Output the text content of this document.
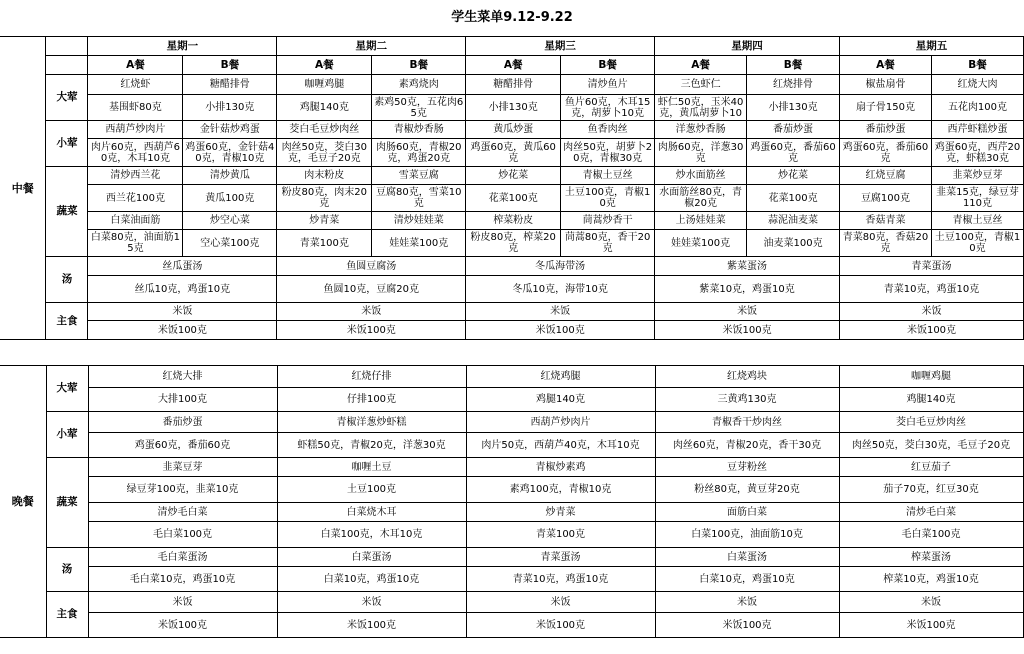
学生菜单9.12-9.22
中餐		星期一		星期二		星期三		星期四		星期五	
		A餐	B餐	A餐	B餐	A餐	B餐	A餐	B餐	A餐	B餐
	大荤	红烧虾	糖醋排骨	咖喱鸡腿	素鸡烧肉	糖醋排骨	清炒鱼片	三色虾仁	红烧排骨	椒盐扇骨	红烧大肉
		基围虾80克	小排130克	鸡腿140克	素鸡50克，五花肉65克	小排130克	鱼片60克，木耳15克，胡萝卜10克	虾仁50克，玉米40克，黄瓜胡萝卜10	小排130克	扇子骨150克	五花肉100克
	小荤	西葫芦炒肉片	金针菇炒鸡蛋	茭白毛豆炒肉丝	青椒炒香肠	黄瓜炒蛋	鱼香肉丝	洋葱炒香肠	番茄炒蛋	番茄炒蛋	西芹虾糕炒蛋
		肉片60克，西葫芦60克，木耳10克	鸡蛋60克，金针菇40克，青椒10克	肉丝50克，茭白30克，毛豆子20克	肉肠60克，青椒20克，鸡蛋20克	鸡蛋60克，黄瓜60克	肉丝50克，胡萝卜20克，青椒30克	肉肠60克，洋葱30克	鸡蛋60克，番茄60克	鸡蛋60克，番茄60克	鸡蛋60克，西芹20克，虾糕30克
	蔬菜	清炒西兰花	清炒黄瓜	肉末粉皮	雪菜豆腐	炒花菜	青椒土豆丝	炒水面筋丝	炒花菜	红烧豆腐	韭菜炒豆芽
		西兰花100克	黄瓜100克	粉皮80克，肉末20克	豆腐80克，雪菜10克	花菜100克	土豆100克，青椒10克	水面筋丝80克，青椒20克	花菜100克	豆腐100克	韭菜15克，绿豆芽110克
		白菜油面筋	炒空心菜	炒青菜	清炒娃娃菜	榨菜粉皮	茼蒿炒香干	上汤娃娃菜	蒜泥油麦菜	香菇青菜	青椒土豆丝
		白菜80克，油面筋15克	空心菜100克	青菜100克	娃娃菜100克	粉皮80克，榨菜20克	茼蒿80克，香干20克	娃娃菜100克	油麦菜100克	青菜80克，香菇20克	土豆100克，青椒10克
	汤	丝瓜蛋汤		鱼圆豆腐汤		冬瓜海带汤		紫菜蛋汤		青菜蛋汤	
		丝瓜10克，鸡蛋10克		鱼圆10克，豆腐20克		冬瓜10克，海带10克		紫菜10克，鸡蛋10克		青菜10克，鸡蛋10克	
	主食	米饭		米饭		米饭		米饭		米饭	
		米饭100克		米饭100克		米饭100克		米饭100克		米饭100克	
晚餐	大荤	红烧大排	红烧仔排	红烧鸡腿	红烧鸡块	咖喱鸡腿
		大排100克	仔排100克	鸡腿140克	三黄鸡130克	鸡腿140克
	小荤	番茄炒蛋	青椒洋葱炒虾糕	西葫芦炒肉片	青椒香干炒肉丝	茭白毛豆炒肉丝
		鸡蛋60克，番茄60克	虾糕50克，青椒20克，洋葱30克	肉片50克，西葫芦40克，木耳10克	肉丝60克，青椒20克，香干30克	肉丝50克，茭白30克，毛豆子20克
	蔬菜	韭菜豆芽	咖喱土豆	青椒炒素鸡	豆芽粉丝	红豆茄子
		绿豆芽100克，韭菜10克	土豆100克	素鸡100克，青椒10克	粉丝80克，黄豆芽20克	茄子70克，红豆30克
		清炒毛白菜	白菜烧木耳	炒青菜	面筋白菜	清炒毛白菜
		毛白菜100克	白菜100克，木耳10克	青菜100克	白菜100克，油面筋10克	毛白菜100克
	汤	毛白菜蛋汤	白菜蛋汤	青菜蛋汤	白菜蛋汤	榨菜蛋汤
		毛白菜10克，鸡蛋10克	白菜10克，鸡蛋10克	青菜10克，鸡蛋10克	白菜10克，鸡蛋10克	榨菜10克，鸡蛋10克
	主食	米饭	米饭	米饭	米饭	米饭
		米饭100克	米饭100克	米饭100克	米饭100克	米饭100克
